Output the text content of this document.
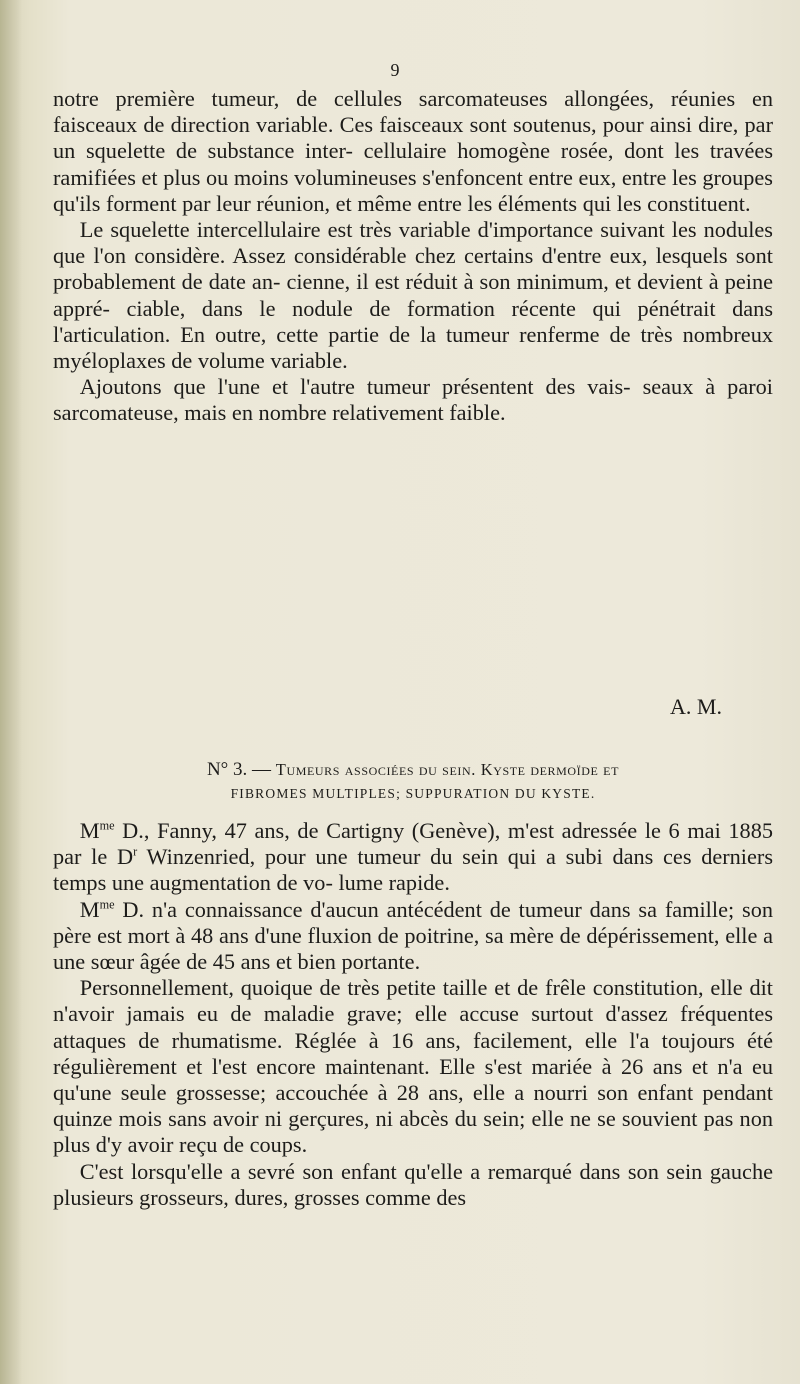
9

notre première tumeur, de cellules sarcomateuses allongées, réunies en faisceaux de direction variable. Ces faisceaux sont soutenus, pour ainsi dire, par un squelette de substance inter- cellulaire homogène rosée, dont les travées ramifiées et plus ou moins volumineuses s'enfoncent entre eux, entre les groupes qu'ils forment par leur réunion, et même entre les éléments qui les constituent.

Le squelette intercellulaire est très variable d'importance suivant les nodules que l'on considère. Assez considérable chez certains d'entre eux, lesquels sont probablement de date an- cienne, il est réduit à son minimum, et devient à peine appré- ciable, dans le nodule de formation récente qui pénétrait dans l'articulation. En outre, cette partie de la tumeur renferme de très nombreux myéloplaxes de volume variable.

Ajoutons que l'une et l'autre tumeur présentent des vais- seaux à paroi sarcomateuse, mais en nombre relativement faible.

A. M.
N° 3. — Tumeurs associées du sein. Kyste dermoïde et
FIBROMES MULTIPLES; SUPPURATION DU KYSTE.

$M^{me}$ D., Fanny, 47 ans, de Cartigny (Genève), m'est adressée le 6 mai 1885 par le $D^r$ Winzenried, pour une tumeur du sein qui a subi dans ces derniers temps une augmentation de vo- lume rapide.

$M^{me}$ D. n'a connaissance d'aucun antécédent de tumeur dans sa famille; son père est mort à 48 ans d'une fluxion de poitrine, sa mère de dépérissement, elle a une sœur âgée de 45 ans et bien portante.

Personnellement, quoique de très petite taille et de frêle constitution, elle dit n'avoir jamais eu de maladie grave; elle accuse surtout d'assez fréquentes attaques de rhumatisme. Réglée à 16 ans, facilement, elle l'a toujours été régulièrement et l'est encore maintenant. Elle s'est mariée à 26 ans et n'a eu qu'une seule grossesse; accouchée à 28 ans, elle a nourri son enfant pendant quinze mois sans avoir ni gerçures, ni abcès du sein; elle ne se souvient pas non plus d'y avoir reçu de coups.

C'est lorsqu'elle a sevré son enfant qu'elle a remarqué dans son sein gauche plusieurs grosseurs, dures, grosses comme des
